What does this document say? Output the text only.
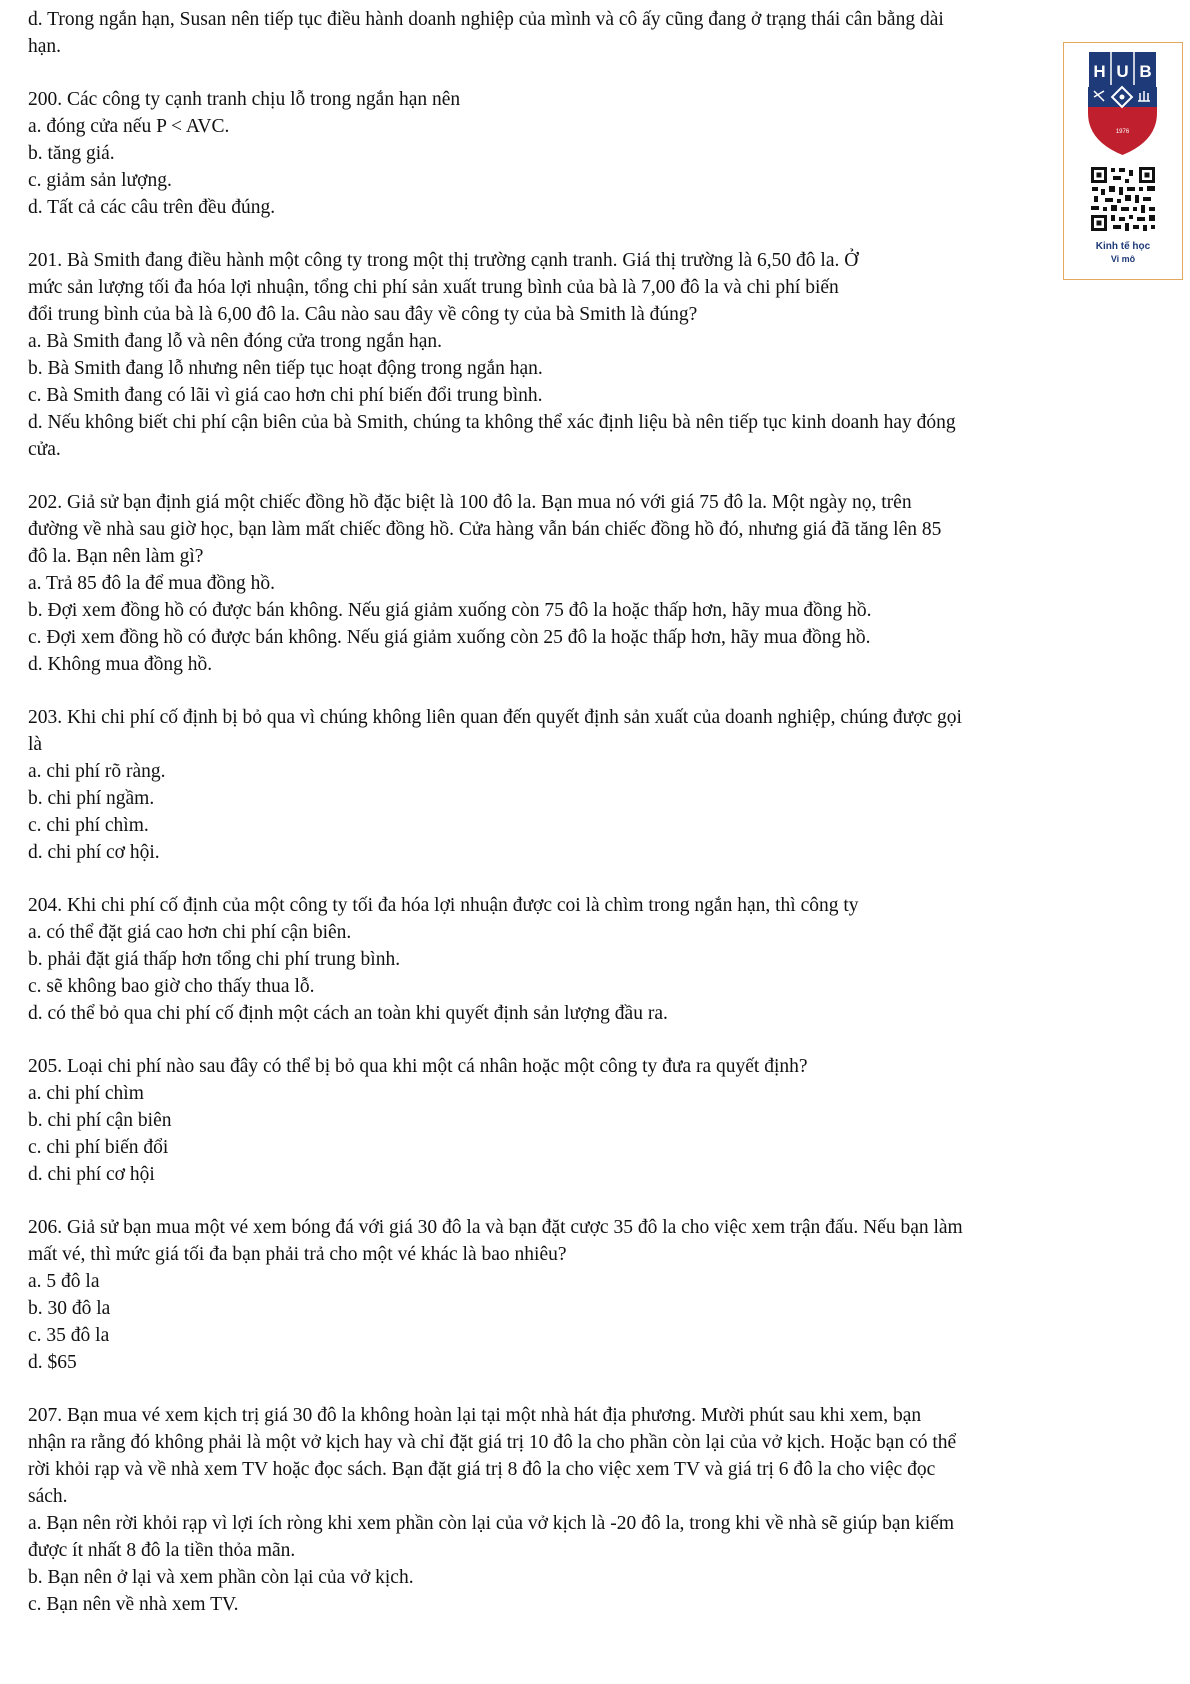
H U B
1976
Kinh tế học
Vi mô
d. Trong ngắn hạn, Susan nên tiếp tục điều hành doanh nghiệp của mình và cô ấy cũng đang ở trạng thái cân bằng dài
hạn.
200. Các công ty cạnh tranh chịu lỗ trong ngắn hạn nên
a. đóng cửa nếu P < AVC.
b. tăng giá.
c. giảm sản lượng.
d. Tất cả các câu trên đều đúng.
201. Bà Smith đang điều hành một công ty trong một thị trường cạnh tranh. Giá thị trường là 6,50 đô la. Ở
mức sản lượng tối đa hóa lợi nhuận, tổng chi phí sản xuất trung bình của bà là 7,00 đô la và chi phí biến
đổi trung bình của bà là 6,00 đô la. Câu nào sau đây về công ty của bà Smith là đúng?
a. Bà Smith đang lỗ và nên đóng cửa trong ngắn hạn.
b. Bà Smith đang lỗ nhưng nên tiếp tục hoạt động trong ngắn hạn.
c. Bà Smith đang có lãi vì giá cao hơn chi phí biến đổi trung bình.
d. Nếu không biết chi phí cận biên của bà Smith, chúng ta không thể xác định liệu bà nên tiếp tục kinh doanh hay đóng
cửa.
202. Giả sử bạn định giá một chiếc đồng hồ đặc biệt là 100 đô la. Bạn mua nó với giá 75 đô la. Một ngày nọ, trên
đường về nhà sau giờ học, bạn làm mất chiếc đồng hồ. Cửa hàng vẫn bán chiếc đồng hồ đó, nhưng giá đã tăng lên 85
đô la. Bạn nên làm gì?
a. Trả 85 đô la để mua đồng hồ.
b. Đợi xem đồng hồ có được bán không. Nếu giá giảm xuống còn 75 đô la hoặc thấp hơn, hãy mua đồng hồ.
c. Đợi xem đồng hồ có được bán không. Nếu giá giảm xuống còn 25 đô la hoặc thấp hơn, hãy mua đồng hồ.
d. Không mua đồng hồ.
203. Khi chi phí cố định bị bỏ qua vì chúng không liên quan đến quyết định sản xuất của doanh nghiệp, chúng được gọi
là
a. chi phí rõ ràng.
b. chi phí ngầm.
c. chi phí chìm.
d. chi phí cơ hội.
204. Khi chi phí cố định của một công ty tối đa hóa lợi nhuận được coi là chìm trong ngắn hạn, thì công ty
a. có thể đặt giá cao hơn chi phí cận biên.
b. phải đặt giá thấp hơn tổng chi phí trung bình.
c. sẽ không bao giờ cho thấy thua lỗ.
d. có thể bỏ qua chi phí cố định một cách an toàn khi quyết định sản lượng đầu ra.
205. Loại chi phí nào sau đây có thể bị bỏ qua khi một cá nhân hoặc một công ty đưa ra quyết định?
a. chi phí chìm
b. chi phí cận biên
c. chi phí biến đổi
d. chi phí cơ hội
206. Giả sử bạn mua một vé xem bóng đá với giá 30 đô la và bạn đặt cược 35 đô la cho việc xem trận đấu. Nếu bạn làm
mất vé, thì mức giá tối đa bạn phải trả cho một vé khác là bao nhiêu?
a. 5 đô la
b. 30 đô la
c. 35 đô la
d. $65
207. Bạn mua vé xem kịch trị giá 30 đô la không hoàn lại tại một nhà hát địa phương. Mười phút sau khi xem, bạn
nhận ra rằng đó không phải là một vở kịch hay và chỉ đặt giá trị 10 đô la cho phần còn lại của vở kịch. Hoặc bạn có thể
rời khỏi rạp và về nhà xem TV hoặc đọc sách. Bạn đặt giá trị 8 đô la cho việc xem TV và giá trị 6 đô la cho việc đọc
sách.
a. Bạn nên rời khỏi rạp vì lợi ích ròng khi xem phần còn lại của vở kịch là -20 đô la, trong khi về nhà sẽ giúp bạn kiếm
được ít nhất 8 đô la tiền thỏa mãn.
b. Bạn nên ở lại và xem phần còn lại của vở kịch.
c. Bạn nên về nhà xem TV.
